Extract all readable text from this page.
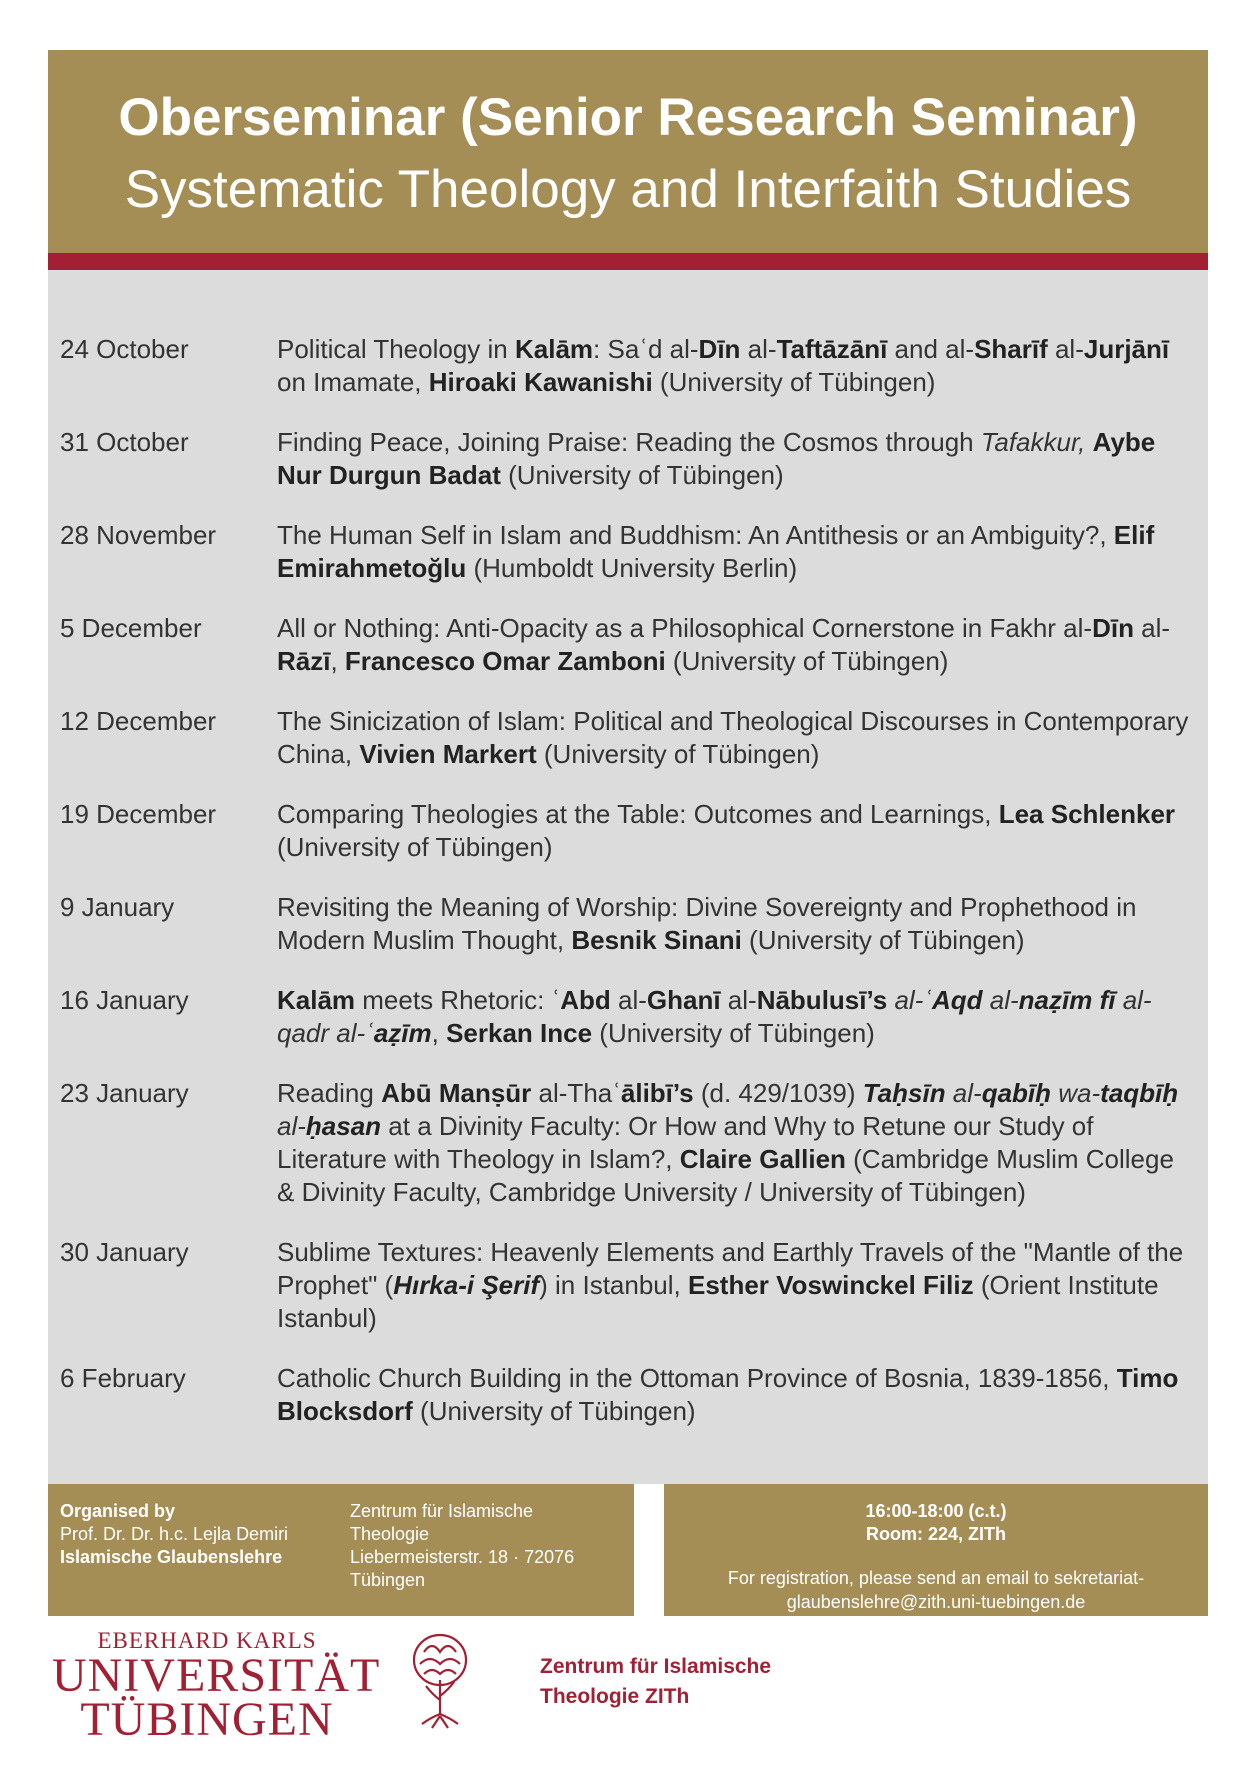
Oberseminar (Senior Research Seminar)
Systematic Theology and Interfaith Studies
24 October	Political Theology in Kalām: Saʿd al-Dīn al-Taftāzānī and al-Sharīf al-Jurjānī on Imamate, Hiroaki Kawanishi (University of Tübingen)
31 October	Finding Peace, Joining Praise: Reading the Cosmos through Tafakkur, Aybe Nur Durgun Badat (University of Tübingen)
28 November	The Human Self in Islam and Buddhism: An Antithesis or an Ambiguity?, Elif Emirahmetoğlu (Humboldt University Berlin)
5 December	All or Nothing: Anti-Opacity as a Philosophical Cornerstone in Fakhr al-Dīn al-Rāzī, Francesco Omar Zamboni (University of Tübingen)
12 December	The Sinicization of Islam: Political and Theological Discourses in Contemporary China, Vivien Markert (University of Tübingen)
19 December	Comparing Theologies at the Table: Outcomes and Learnings, Lea Schlenker (University of Tübingen)
9 January	Revisiting the Meaning of Worship: Divine Sovereignty and Prophethood in Modern Muslim Thought, Besnik Sinani (University of Tübingen)
16 January	Kalām meets Rhetoric: ʿAbd al-Ghanī al-Nābulusī’s al-ʿAqd al-naẓīm fī al-qadr al-ʿaẓīm, Serkan Ince (University of Tübingen)
23 January	Reading Abū Manṣūr al-Thaʿālibī’s (d. 429/1039) Taḥsīn al-qabīḥ wa-taqbīḥ al-ḥasan at a Divinity Faculty: Or How and Why to Retune our Study of Literature with Theology in Islam?, Claire Gallien (Cambridge Muslim College & Divinity Faculty, Cambridge University / University of Tübingen)
30 January	Sublime Textures: Heavenly Elements and Earthly Travels of the "Mantle of the Prophet" (Hırka-i Şerif) in Istanbul, Esther Voswinckel Filiz (Orient Institute Istanbul)
6 February	Catholic Church Building in the Ottoman Province of Bosnia, 1839-1856, Timo Blocksdorf (University of Tübingen)
Organised by
Prof. Dr. Dr. h.c. Lejla Demiri
Islamische Glaubenslehre
Zentrum für Islamische
Theologie
Liebermeisterstr. 18 · 72076
Tübingen
16:00-18:00 (c.t.)
Room: 224, ZITh
For registration, please send an email to sekretariat-
glaubenslehre@zith.uni-tuebingen.de
EBERHARD KARLS
UNIVERSITÄT
TÜBINGEN
Zentrum für Islamische
Theologie ZITh
